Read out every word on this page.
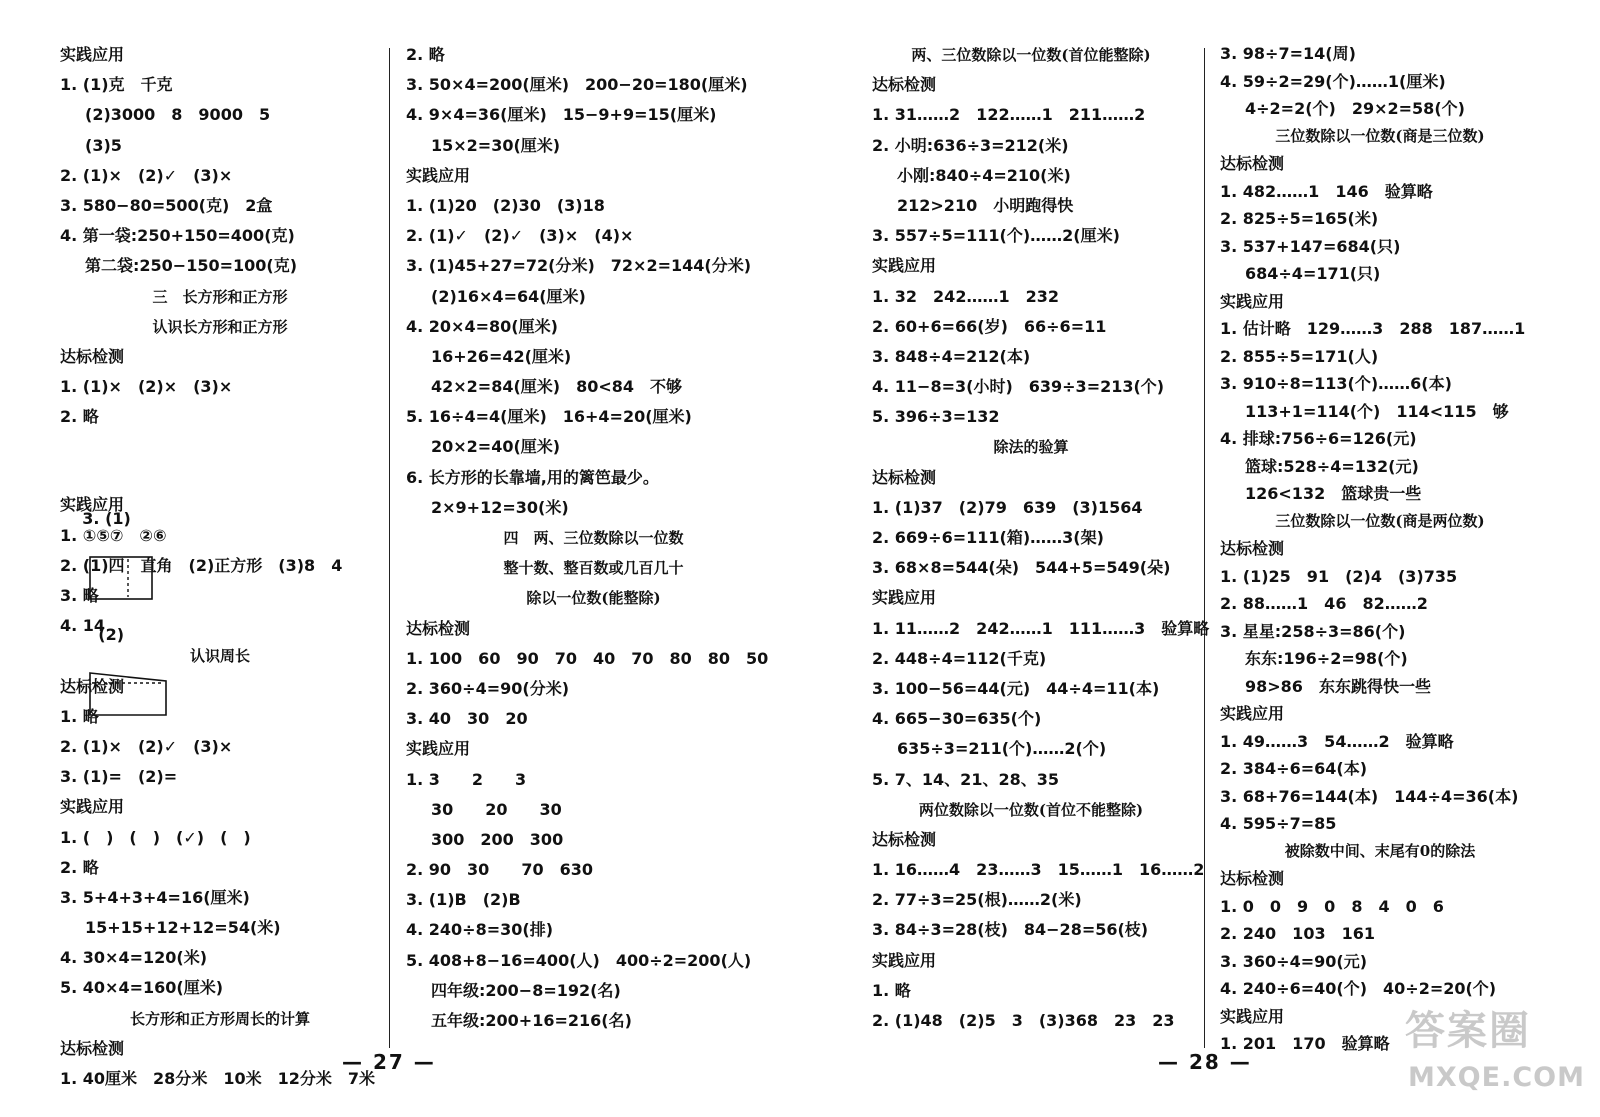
实践应用
1. (1)克　千克
(2)3000　8　9000　5
(3)5
2. (1)×　(2)✓　(3)×
3. 580−80=500(克)　2盒
4. 第一袋:250+150=400(克)
第二袋:250−150=100(克)
三　长方形和正方形
认识长方形和正方形
达标检测
1. (1)×　(2)×　(3)×
2. 略

3. (1)

(2)

实践应用
1. ①⑤⑦　②⑥
2. (1)四　直角　(2)正方形　(3)8　4
3. 略
4. 14
认识周长
达标检测
1. 略
2. (1)×　(2)✓　(3)×
3. (1)=　(2)=
实践应用
1. (　)　(　)　(✓)　(　)
2. 略
3. 5+4+3+4=16(厘米)
15+15+12+12=54(米)
4. 30×4=120(米)
5. 40×4=160(厘米)
长方形和正方形周长的计算
达标检测
1. 40厘米　28分米　10米　12分米　7米
2. 略
3. 50×4=200(厘米)　200−20=180(厘米)
4. 9×4=36(厘米)　15−9+9=15(厘米)
15×2=30(厘米)
实践应用
1. (1)20　(2)30　(3)18
2. (1)✓　(2)✓　(3)×　(4)×
3. (1)45+27=72(分米)　72×2=144(分米)
(2)16×4=64(厘米)
4. 20×4=80(厘米)
16+26=42(厘米)
42×2=84(厘米)　80<84　不够
5. 16÷4=4(厘米)　16+4=20(厘米)
20×2=40(厘米)
6. 长方形的长靠墙,用的篱笆最少。
2×9+12=30(米)
四　两、三位数除以一位数
整十数、整百数或几百几十
除以一位数(能整除)
达标检测
1. 100　60　90　70　40　70　80　80　50
2. 360÷4=90(分米)
3. 40　30　20
实践应用
1. 3　　2　　3
30　　20　　30
300　200　300
2. 90　30　　70　630
3. (1)B　(2)B
4. 240÷8=30(排)
5. 408+8−16=400(人)　400÷2=200(人)
四年级:200−8=192(名)
五年级:200+16=216(名)
两、三位数除以一位数(首位能整除)
达标检测
1. 31……2　122……1　211……2
2. 小明:636÷3=212(米)
小刚:840÷4=210(米)
212>210　小明跑得快
3. 557÷5=111(个)……2(厘米)
实践应用
1. 32　242……1　232
2. 60+6=66(岁)　66÷6=11
3. 848÷4=212(本)
4. 11−8=3(小时)　639÷3=213(个)
5. 396÷3=132
除法的验算
达标检测
1. (1)37　(2)79　639　(3)1564
2. 669÷6=111(箱)……3(架)
3. 68×8=544(朵)　544+5=549(朵)
实践应用
1. 11……2　242……1　111……3　验算略
2. 448÷4=112(千克)
3. 100−56=44(元)　44÷4=11(本)
4. 665−30=635(个)
635÷3=211(个)……2(个)
5. 7、14、21、28、35
两位数除以一位数(首位不能整除)
达标检测
1. 16……4　23……3　15……1　16……2
2. 77÷3=25(根)……2(米)
3. 84÷3=28(枝)　84−28=56(枝)
实践应用
1. 略
2. (1)48　(2)5　3　(3)368　23　23
3. 98÷7=14(周)
4. 59÷2=29(个)……1(厘米)
4÷2=2(个)　29×2=58(个)
三位数除以一位数(商是三位数)
达标检测
1. 482……1　146　验算略
2. 825÷5=165(米)
3. 537+147=684(只)
684÷4=171(只)
实践应用
1. 估计略　129……3　288　187……1
2. 855÷5=171(人)
3. 910÷8=113(个)……6(本)
113+1=114(个)　114<115　够
4. 排球:756÷6=126(元)
篮球:528÷4=132(元)
126<132　篮球贵一些
三位数除以一位数(商是两位数)
达标检测
1. (1)25　91　(2)4　(3)735
2. 88……1　46　82……2
3. 星星:258÷3=86(个)
东东:196÷2=98(个)
98>86　东东跳得快一些
实践应用
1. 49……3　54……2　验算略
2. 384÷6=64(本)
3. 68+76=144(本)　144÷4=36(本)
4. 595÷7=85
被除数中间、末尾有0的除法
达标检测
1. 0　0　9　0　8　4　0　6
2. 240　103　161
3. 360÷4=90(元)
4. 240÷6=40(个)　40÷2=20(个)
实践应用
1. 201　170　验算略
— 27 —	— 28 —
答案圈
MXQE.COM
